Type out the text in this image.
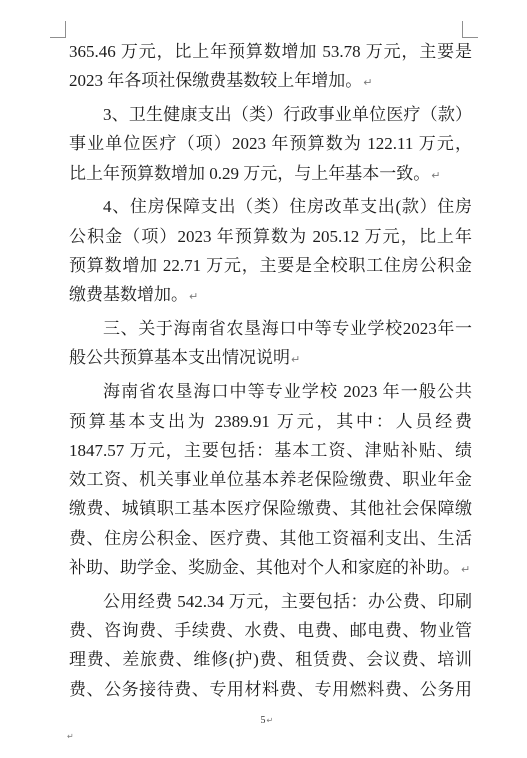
365.46 万元，比上年预算数增加 53.78 万元，主要是
2023 年各项社保缴费基数较上年增加。↵
3、卫生健康支出（类）行政事业单位医疗（款）
事业单位医疗（项）2023 年预算数为 122.11 万元，
比上年预算数增加 0.29 万元，与上年基本一致。↵
4、住房保障支出（类）住房改革支出(款）住房
公积金（项）2023 年预算数为 205.12 万元，比上年
预算数增加 22.71 万元，主要是全校职工住房公积金
缴费基数增加。↵
三、关于海南省农垦海口中等专业学校2023年一
般公共预算基本支出情况说明↵
海南省农垦海口中等专业学校 2023 年一般公共
预算基本支出为 2389.91 万元，其中：人员经费
1847.57 万元，主要包括：基本工资、津贴补贴、绩
效工资、机关事业单位基本养老保险缴费、职业年金
缴费、城镇职工基本医疗保险缴费、其他社会保障缴
费、住房公积金、医疗费、其他工资福利支出、生活
补助、助学金、奖励金、其他对个人和家庭的补助。↵
公用经费 542.34 万元，主要包括：办公费、印刷
费、咨询费、手续费、水费、电费、邮电费、物业管
理费、差旅费、维修(护)费、租赁费、会议费、培训
费、公务接待费、专用材料费、专用燃料费、公务用
5↵
↵
